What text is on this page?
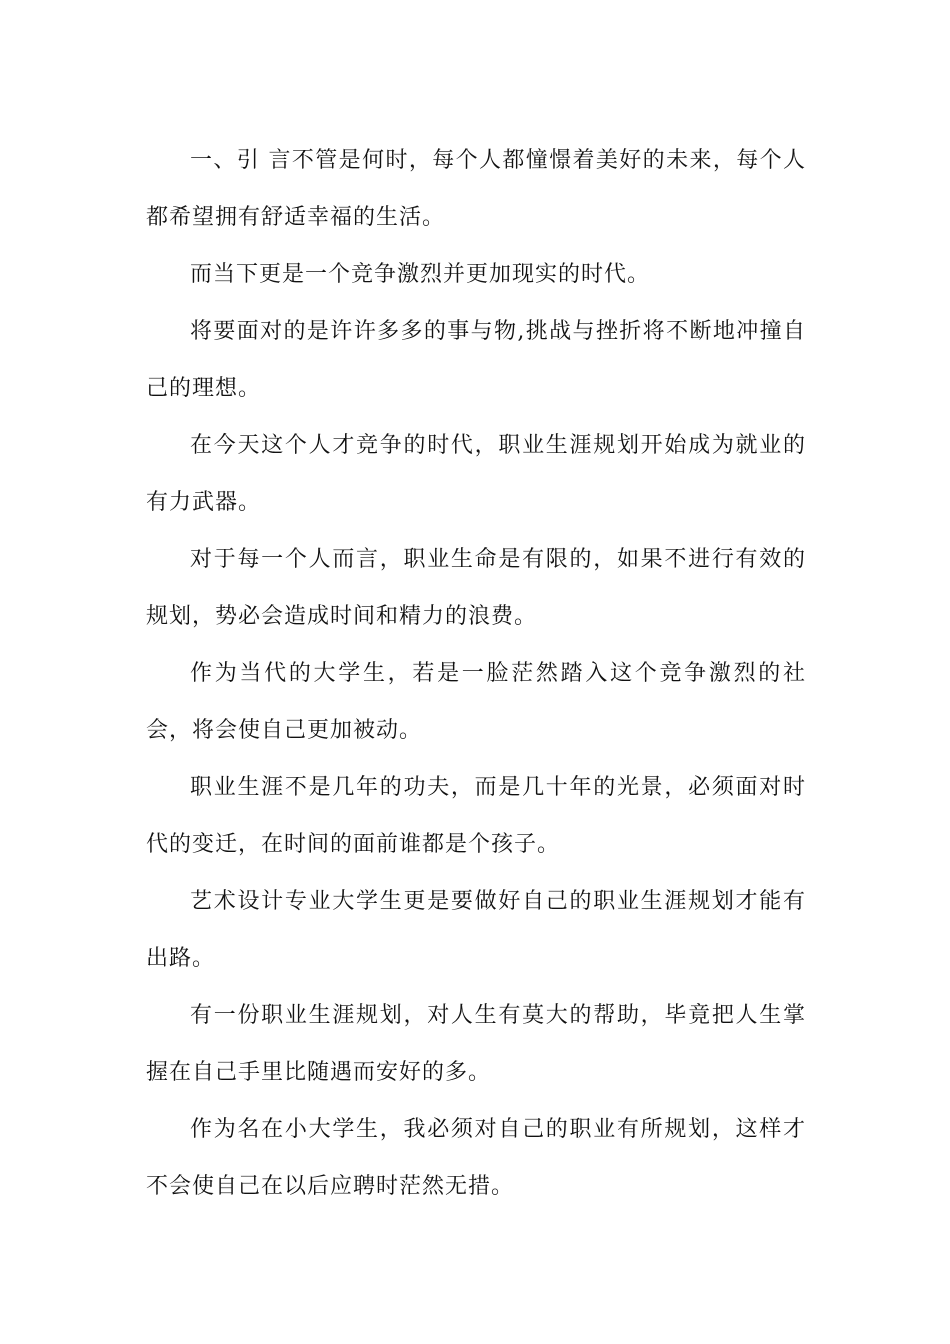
一、引 言不管是何时，每个人都憧憬着美好的未来，每个人都希望拥有舒适幸福的生活。

而当下更是一个竞争激烈并更加现实的时代。

将要面对的是许许多多的事与物,挑战与挫折将不断地冲撞自己的理想。

在今天这个人才竞争的时代，职业生涯规划开始成为就业的有力武器。

对于每一个人而言，职业生命是有限的，如果不进行有效的规划，势必会造成时间和精力的浪费。

作为当代的大学生，若是一脸茫然踏入这个竞争激烈的社会，将会使自己更加被动。

职业生涯不是几年的功夫，而是几十年的光景，必须面对时代的变迁，在时间的面前谁都是个孩子。

艺术设计专业大学生更是要做好自己的职业生涯规划才能有出路。

有一份职业生涯规划，对人生有莫大的帮助，毕竟把人生掌握在自己手里比随遇而安好的多。

作为名在小大学生，我必须对自己的职业有所规划，这样才不会使自己在以后应聘时茫然无措。
